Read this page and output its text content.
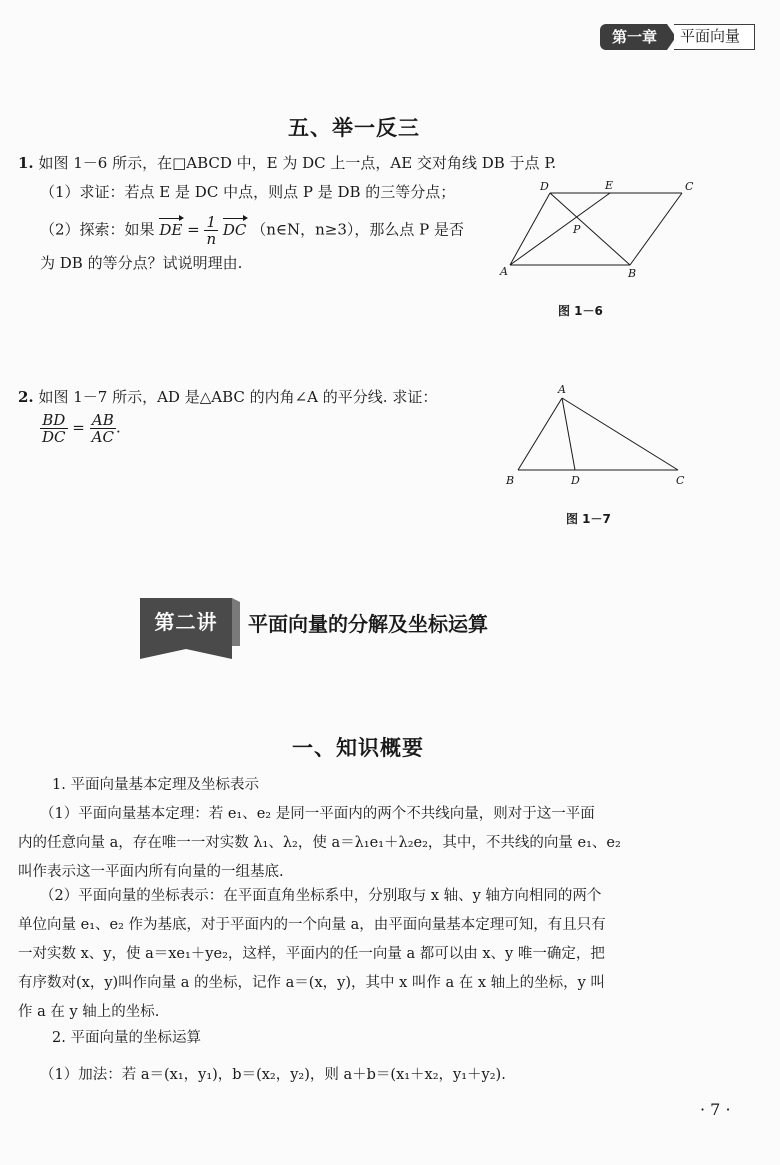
第一章	平面向量
五、举一反三
1. 如图 1－6 所示，在□ABCD 中，E 为 DC 上一点，AE 交对角线 DB 于点 P.
（1）求证：若点 E 是 DC 中点，则点 P 是 DB 的三等分点；
（2）探索：如果 DE = $\frac{1}{n}$ DC （n∈N，n≥3），那么点 P 是否
为 DB 的等分点？试说明理由.
D	E	C
P
A	B
图 1－6
2. 如图 1－7 所示，AD 是△ABC 的内角∠A 的平分线. 求证：
$\frac{BD}{DC} = \frac{AB}{AC}$ .
A
B	D	C
图 1－7
第二讲	平面向量的分解及坐标运算
一、知识概要
1. 平面向量基本定理及坐标表示
（1）平面向量基本定理：若 e₁、e₂ 是同一平面内的两个不共线向量，则对于这一平面
内的任意向量 a，存在唯一一对实数 λ₁、λ₂，使 a＝λ₁e₁＋λ₂e₂，其中，不共线的向量 e₁、e₂
叫作表示这一平面内所有向量的一组基底.
（2）平面向量的坐标表示：在平面直角坐标系中，分别取与 x 轴、y 轴方向相同的两个
单位向量 e₁、e₂ 作为基底，对于平面内的一个向量 a，由平面向量基本定理可知，有且只有
一对实数 x、y，使 a＝xe₁＋ye₂，这样，平面内的任一向量 a 都可以由 x、y 唯一确定，把
有序数对(x，y)叫作向量 a 的坐标，记作 a＝(x，y)，其中 x 叫作 a 在 x 轴上的坐标，y 叫
作 a 在 y 轴上的坐标.
2. 平面向量的坐标运算
（1）加法：若 a＝(x₁，y₁)，b＝(x₂，y₂)，则 a＋b＝(x₁＋x₂，y₁＋y₂).
· 7 ·
